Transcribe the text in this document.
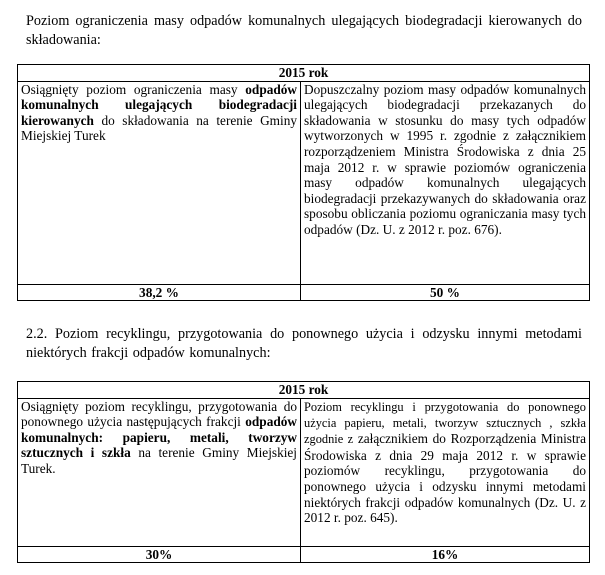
Poziom ograniczenia masy odpadów komunalnych ulegających biodegradacji kierowanych do składowania:
2015 rok	
Osiągnięty poziom ograniczenia masy odpadów komunalnych ulegających biodegradacji kierowanych do składowania na terenie Gminy Miejskiej Turek	Dopuszczalny poziom masy odpadów komunalnych ulegających biodegradacji przekazanych do składowania w stosunku do masy tych odpadów wytworzonych w 1995 r. zgodnie z załącznikiem rozporządzeniem Ministra Środowiska z dnia 25 maja 2012 r. w sprawie poziomów ograniczenia masy odpadów komunalnych ulegających biodegradacji przekazywanych do składowania oraz sposobu obliczania poziomu ograniczania masy tych odpadów (Dz. U. z 2012 r. poz. 676).
38,2 %	50 %
2.2. Poziom recyklingu, przygotowania do ponownego użycia i odzysku innymi metodami niektórych frakcji odpadów komunalnych:
2015 rok	
Osiągnięty poziom recyklingu, przygotowania do ponownego użycia następujących frakcji odpadów komunalnych: papieru, metali, tworzyw sztucznych i szkła na terenie Gminy Miejskiej Turek.	Poziom recyklingu i przygotowania do ponownego użycia papieru, metali, tworzyw sztucznych , szkła zgodnie z załącznikiem do Rozporządzenia Ministra Środowiska z dnia 29 maja 2012 r. w sprawie poziomów recyklingu, przygotowania do ponownego użycia i odzysku innymi metodami niektórych frakcji odpadów komunalnych (Dz. U. z 2012 r. poz. 645).
30%	16%
